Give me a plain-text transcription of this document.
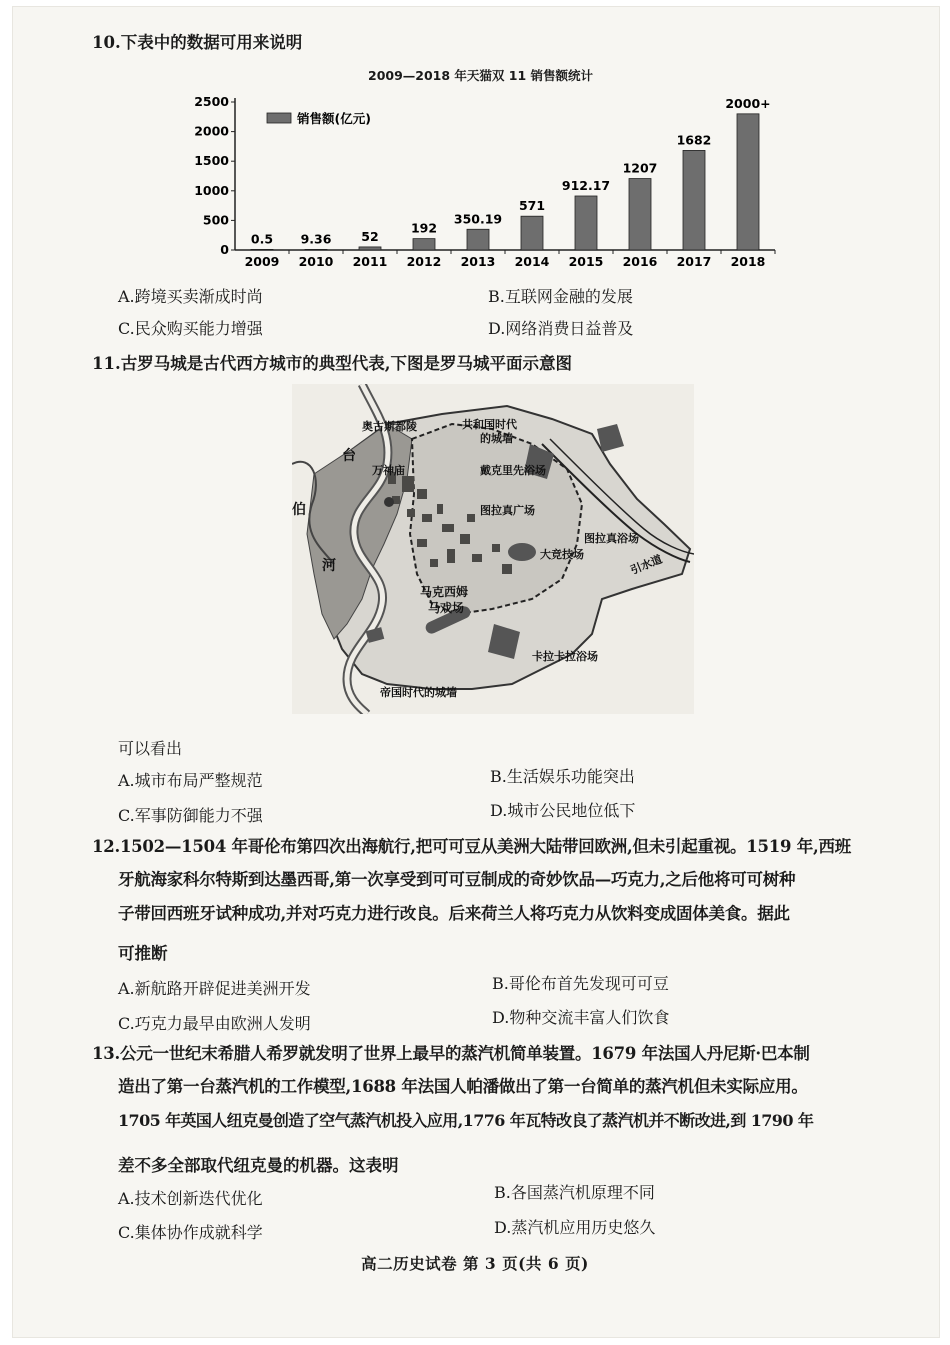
10.下表中的数据可用来说明
2009—2018 年天猫双 11 销售额统计
0
500
1000
1500
2000
2500
0.5
2009
9.36
2010
52
2011
192
2012
350.19
2013
571
2014
912.17
2015
1207
2016
1682
2017
2000+
2018
销售额(亿元)
A.跨境买卖渐成时尚	B.互联网金融的发展
C.民众购买能力增强	D.网络消费日益普及
11.古罗马城是古代西方城市的典型代表,下图是罗马城平面示意图
奥古斯都陵	共和国时代
的城墙
万神庙
台
伯
河
戴克里先浴场
图拉真广场
图拉真浴场
大竞技场	引水道
马克西姆
马戏场
卡拉卡拉浴场
帝国时代的城墙
可以看出
A.城市布局严整规范	B.生活娱乐功能突出
C.军事防御能力不强	D.城市公民地位低下
12.1502—1504 年哥伦布第四次出海航行,把可可豆从美洲大陆带回欧洲,但未引起重视。1519 年,西班
牙航海家科尔特斯到达墨西哥,第一次享受到可可豆制成的奇妙饮品—巧克力,之后他将可可树种
子带回西班牙试种成功,并对巧克力进行改良。后来荷兰人将巧克力从饮料变成固体美食。据此
可推断
A.新航路开辟促进美洲开发	B.哥伦布首先发现可可豆
C.巧克力最早由欧洲人发明	D.物种交流丰富人们饮食
13.公元一世纪末希腊人希罗就发明了世界上最早的蒸汽机简单装置。1679 年法国人丹尼斯·巴本制
造出了第一台蒸汽机的工作模型,1688 年法国人帕潘做出了第一台简单的蒸汽机但未实际应用。
1705 年英国人纽克曼创造了空气蒸汽机投入应用,1776 年瓦特改良了蒸汽机并不断改进,到 1790 年
差不多全部取代纽克曼的机器。这表明
A.技术创新迭代优化	B.各国蒸汽机原理不同
C.集体协作成就科学	D.蒸汽机应用历史悠久
高二历史试卷 第 3 页(共 6 页)
